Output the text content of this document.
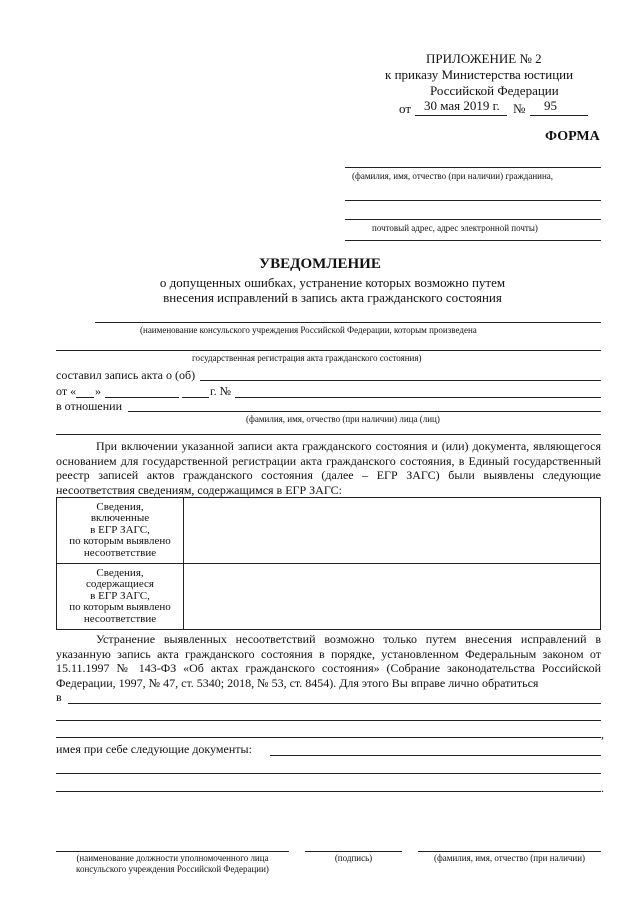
ПРИЛОЖЕНИЕ № 2
к приказу Министерства юстиции
Российской Федерации
от 30 мая 2019 г. № 95
ФОРМА
(фамилия, имя, отчество (при наличии) гражданина,
почтовый адрес, адрес электронной почты)
УВЕДОМЛЕНИЕ
о допущенных ошибках, устранение которых возможно путем
внесения исправлений в запись акта гражданского состояния
(наименование консульского учреждения Российской Федерации, которым произведена
государственная регистрация акта гражданского состояния)
составил запись акта о (об)
от « »	г. №
в отношении
(фамилия, имя, отчество (при наличии) лица (лиц)
При включении указанной записи акта гражданского состояния и (или) документа, являющегося основанием для государственной регистрации акта гражданского состояния, в Единый государственный реестр записей актов гражданского состояния (далее – ЕГР ЗАГС) были выявлены следующие несоответствия сведениям, содержащимся в ЕГР ЗАГС:
Сведения,
включенные
в ЕГР ЗАГС,
по которым выявлено
несоответствие	

Сведения,
содержащиеся
в ЕГР ЗАГС,
по которым выявлено
несоответствие	

Устранение выявленных несоответствий возможно только путем внесения исправлений в указанную запись акта гражданского состояния в порядке, установленном Федеральным законом от 15.11.1997 № 143-ФЗ «Об актах гражданского состояния» (Собрание законодательства Российской Федерации, 1997, № 47, ст. 5340; 2018, № 53, ст. 8454). Для этого Вы вправе лично обратиться
в
,
имея при себе следующие документы:
.
(наименование должности уполномоченного лица
консульского учреждения Российской Федерации)
(подпись)	(фамилия, имя, отчество (при наличии)
